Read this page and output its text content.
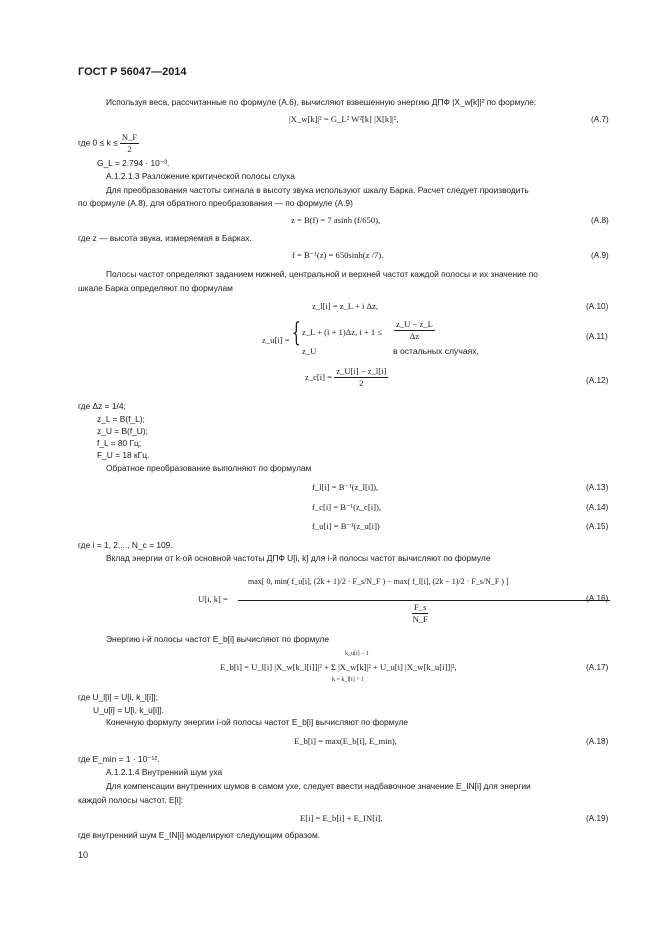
ГОСТ Р 56047—2014
Используя веса, рассчитанные по формуле (А.6), вычисляют взвешенную энергию ДПФ |X_w[k]|² по формуле:
|X_w[k]|² = G_L² W²[k] |X[k]|²,	(А.7)
где $0 \le k \le \frac{N\_F}{2}$
G_L = 2.794 · 10⁻³.
А.1.2.1.3 Разложение критической полосы слуха
Для преобразования частоты сигнала в высоту звука используют шкалу Барка. Расчет следует производить
по формуле (А.8), для обратного преобразования — по формуле (А.9)
z = B(f) = 7 asinh (f/650),	(А.8)
где z — высота звука, измеряемая в Барках.
f = B⁻¹(z) = 650sinh(z /7).	(А.9)
Полосы частот определяют заданием нижней, центральной и верхней частот каждой полосы и их значение по
шкале Барка определяют по формулам
z_l[i] = z_L + i Δz,	(А.10)
z_u[i] = { z_L + (i + 1)Δz, $i + 1 \le \frac{z\_U - z\_L}{\Delta z}$
z_U	в остальных случаях,
(А.11)
z_c[i] = $\frac{z\_U[i] - z\_l[i]}{2}$	(А.12)
где Δz = 1/4;
z_L = B(f_L);
z_U = B(f_U);
f_L = 80 Гц;
F_U = 18 кГц.
Обратное преобразование выполняют по формулам
f_l[i] = B⁻¹(z_l[i]),	(А.13)
f_c[i] = B⁻¹(z_c[i]),	(А.14)
f_u[i] = B⁻¹(z_u[i])	(А.15)
где i = 1, 2,..., N_c = 109.
Вклад энергии от k-ой основной частоты ДПФ U[i, k] для i-й полосы частот вычисляют по формуле
U[i, k] =
max[ 0, min( f_u[i], (2k + 1)/2 · F_s/N_F ) − max( f_l[i], (2k − 1)/2 · F_s/N_F ) ]
$\frac{F\_s}{N\_F}$
(А.16)
Энергию i-й полосы частот E_b[i] вычисляют по формуле
k_u[i] − 1
E_b[i] = U_l[i] |X_w[k_l[i]]|² + Σ |X_w[k]|² + U_u[i] |X_w[k_u[i]]|²,
k = k_l[i] + 1
(А.17)
где U_l[i] = U[i, k_l[i]];
U_u[i] = U[i, k_u[i]].
Конечную формулу энергии i-ой полосы частот E_b[i] вычисляют по формуле
E_b[i] = max(E_b[i], E_min),	(А.18)
где E_min = 1 · 10⁻¹².
А.1.2.1.4 Внутренний шум уха
Для компенсации внутренних шумов в самом ухе, следует ввести надбавочное значение E_IN[i] для энергии
каждой полосы частот, E[i]:
E[i] = E_b[i] + E_IN[i],	(А.19)
где внутренний шум E_IN[i] моделируют следующим образом.
10
